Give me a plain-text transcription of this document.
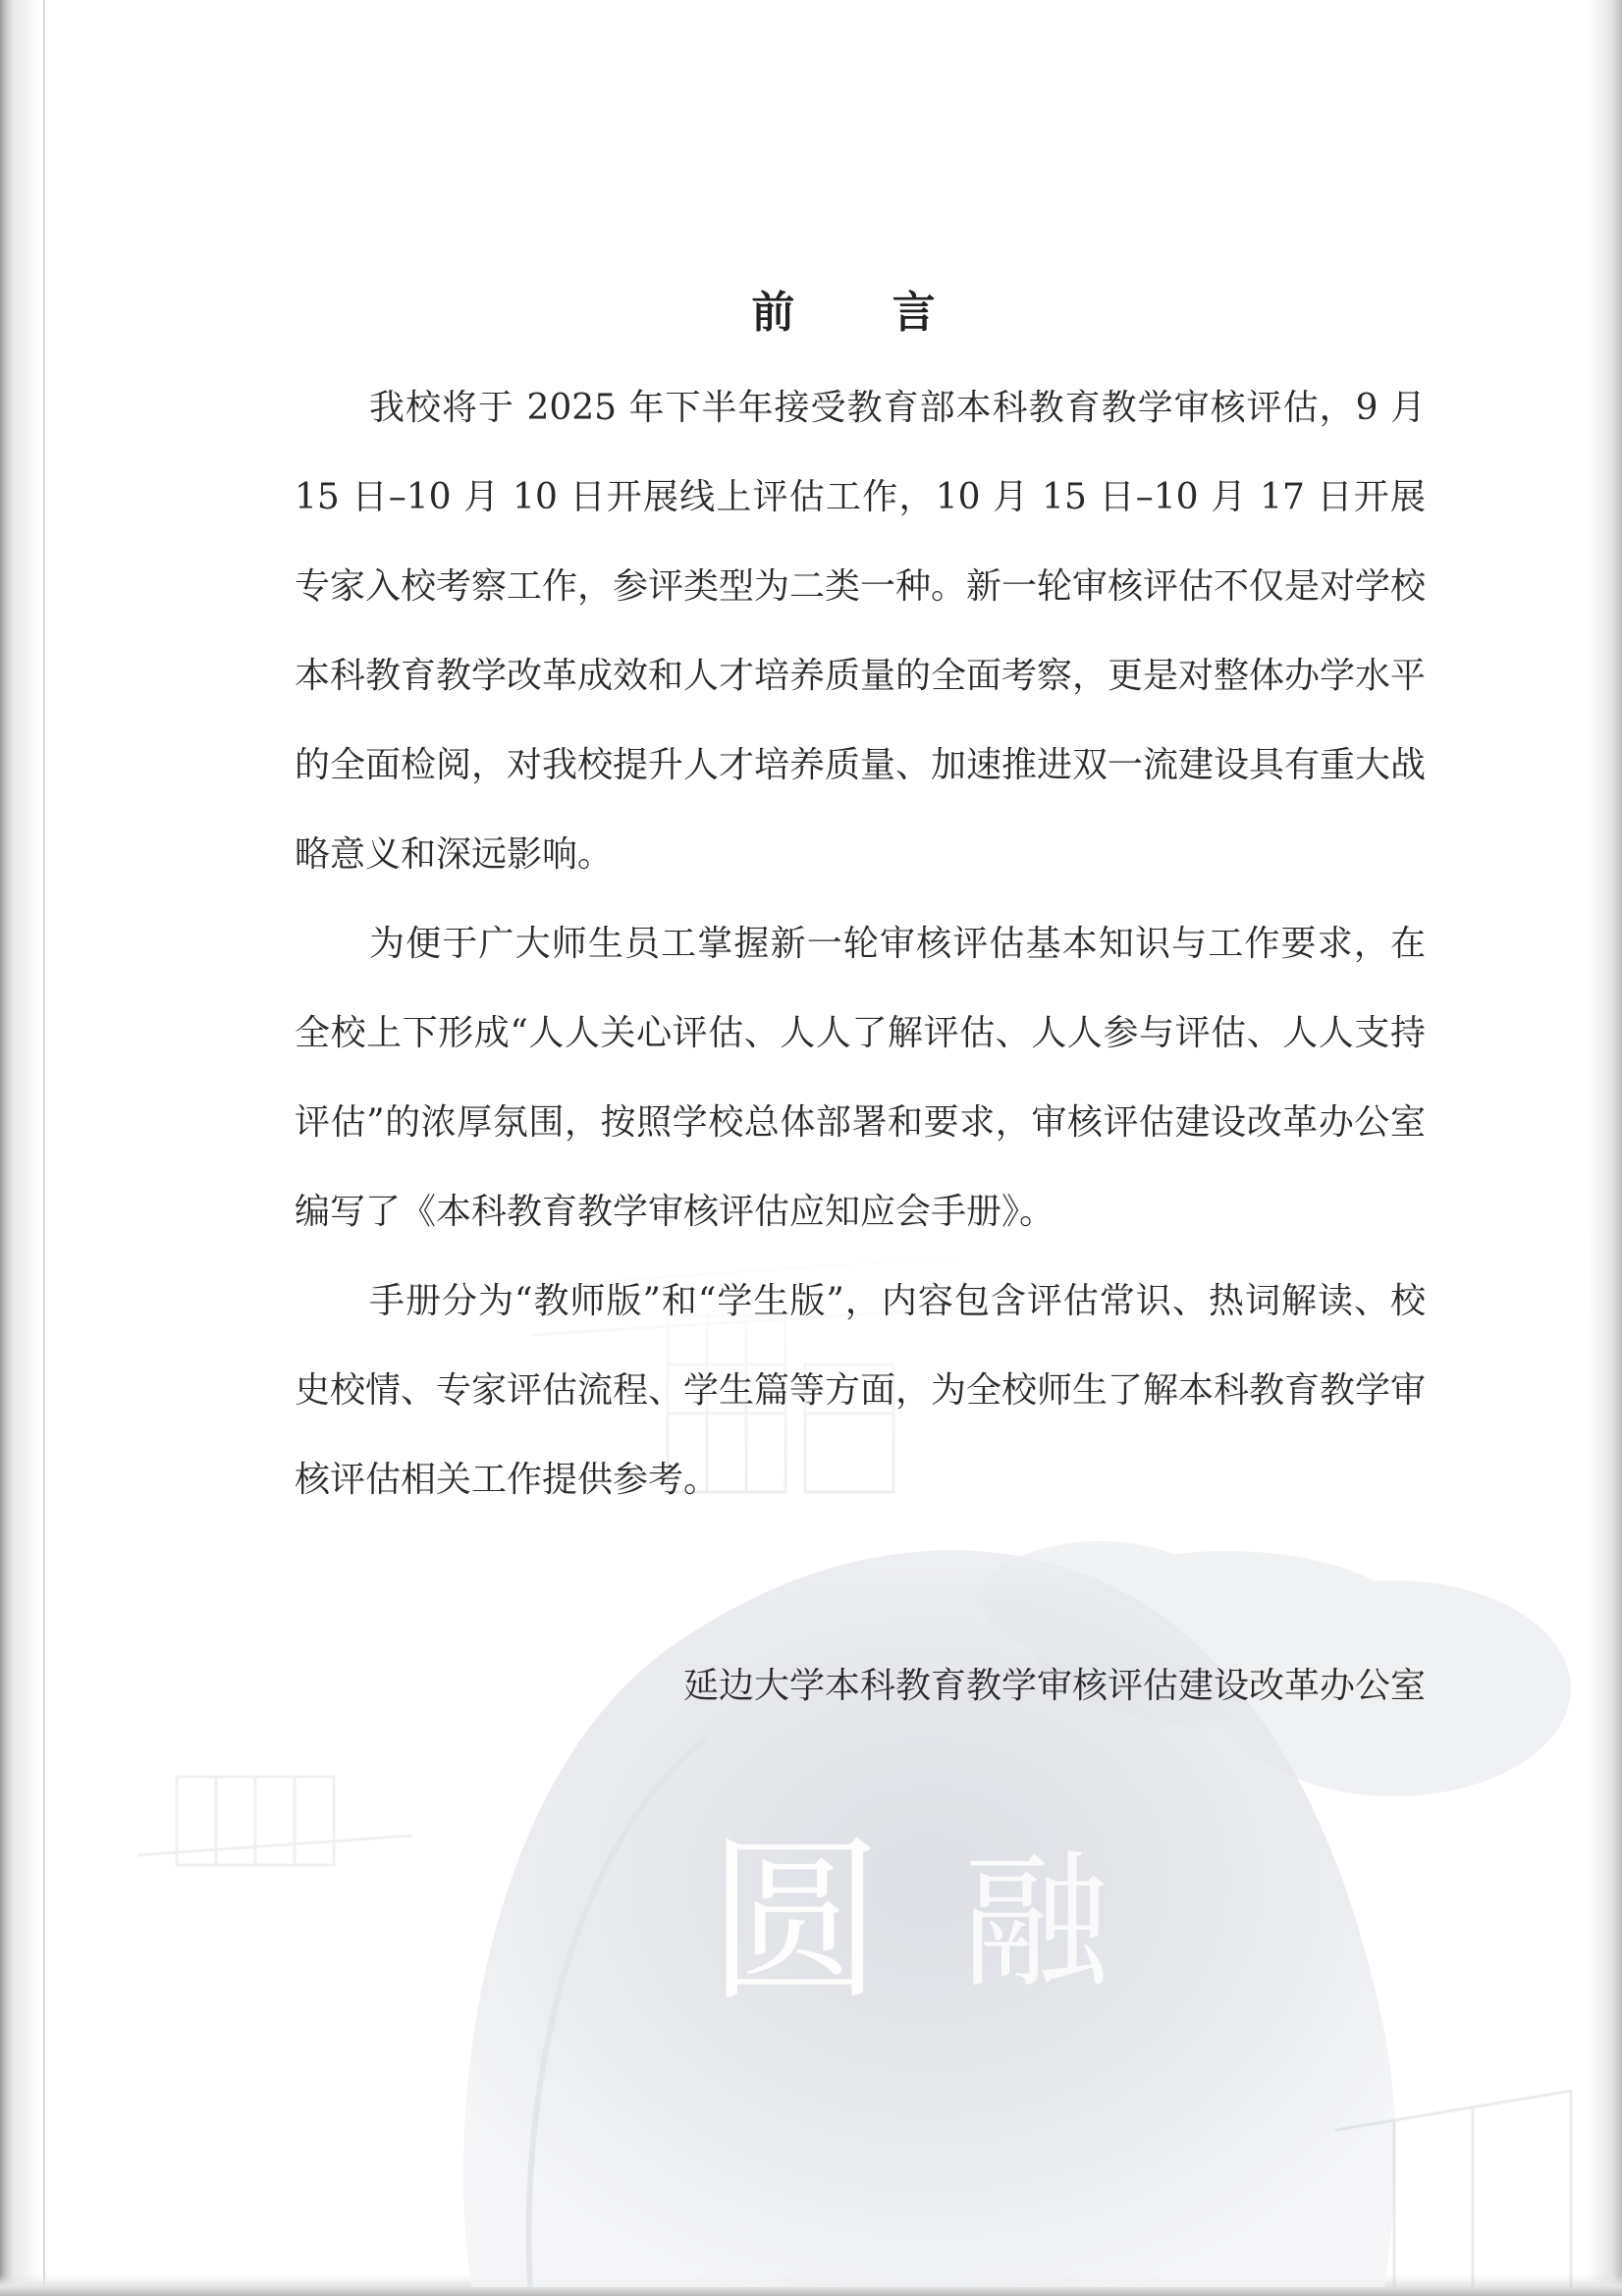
圆 融
前 言

我校将于 2025 年下半年接受教育部本科教育教学审核评估，9 月 15 日–10 月 10 日开展线上评估工作，10 月 15 日–10 月 17 日开展专家入校考察工作，参评类型为二类一种。新一轮审核评估不仅是对学校本科教育教学改革成效和人才培养质量的全面考察，更是对整体办学水平的全面检阅，对我校提升人才培养质量、加速推进双一流建设具有重大战略意义和深远影响。

为便于广大师生员工掌握新一轮审核评估基本知识与工作要求，在全校上下形成“人人关心评估、人人了解评估、人人参与评估、人人支持评估”的浓厚氛围，按照学校总体部署和要求，审核评估建设改革办公室编写了《本科教育教学审核评估应知应会手册》。

手册分为“教师版”和“学生版”，内容包含评估常识、热词解读、校史校情、专家评估流程、学生篇等方面，为全校师生了解本科教育教学审核评估相关工作提供参考。

延边大学本科教育教学审核评估建设改革办公室
